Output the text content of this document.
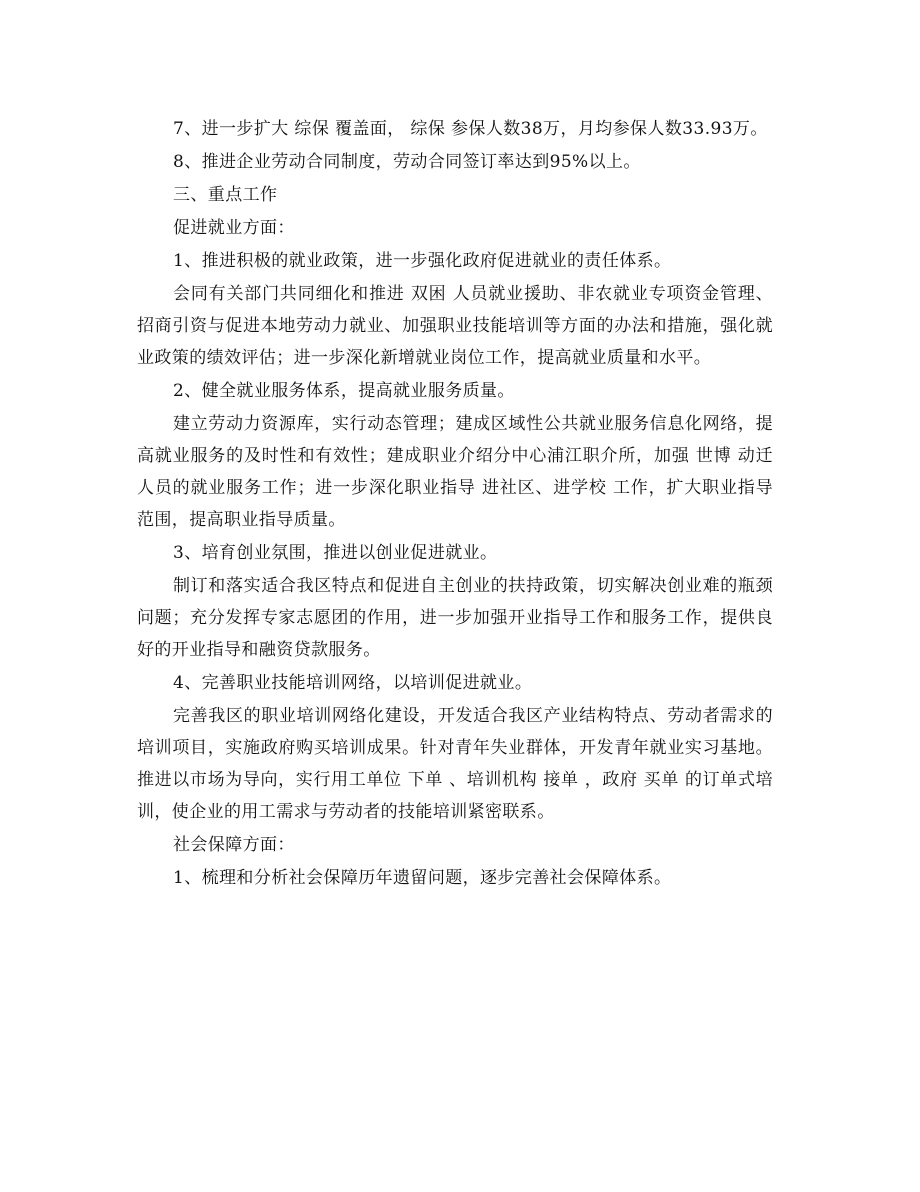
7、进一步扩大 综保 覆盖面， 综保 参保人数38万，月均参保人数33.93万。

8、推进企业劳动合同制度，劳动合同签订率达到95%以上。

三、重点工作

促进就业方面：

1、推进积极的就业政策，进一步强化政府促进就业的责任体系。

会同有关部门共同细化和推进 双困 人员就业援助、非农就业专项资金管理、招商引资与促进本地劳动力就业、加强职业技能培训等方面的办法和措施，强化就业政策的绩效评估；进一步深化新增就业岗位工作，提高就业质量和水平。

2、健全就业服务体系，提高就业服务质量。

建立劳动力资源库，实行动态管理；建成区域性公共就业服务信息化网络，提高就业服务的及时性和有效性；建成职业介绍分中心浦江职介所，加强 世博 动迁人员的就业服务工作；进一步深化职业指导 进社区、进学校 工作，扩大职业指导范围，提高职业指导质量。

3、培育创业氛围，推进以创业促进就业。

制订和落实适合我区特点和促进自主创业的扶持政策，切实解决创业难的瓶颈问题；充分发挥专家志愿团的作用，进一步加强开业指导工作和服务工作，提供良好的开业指导和融资贷款服务。

4、完善职业技能培训网络，以培训促进就业。

完善我区的职业培训网络化建设，开发适合我区产业结构特点、劳动者需求的培训项目，实施政府购买培训成果。针对青年失业群体，开发青年就业实习基地。推进以市场为导向，实行用工单位 下单 、培训机构 接单 ，政府 买单 的订单式培训，使企业的用工需求与劳动者的技能培训紧密联系。

社会保障方面：

1、梳理和分析社会保障历年遗留问题，逐步完善社会保障体系。
